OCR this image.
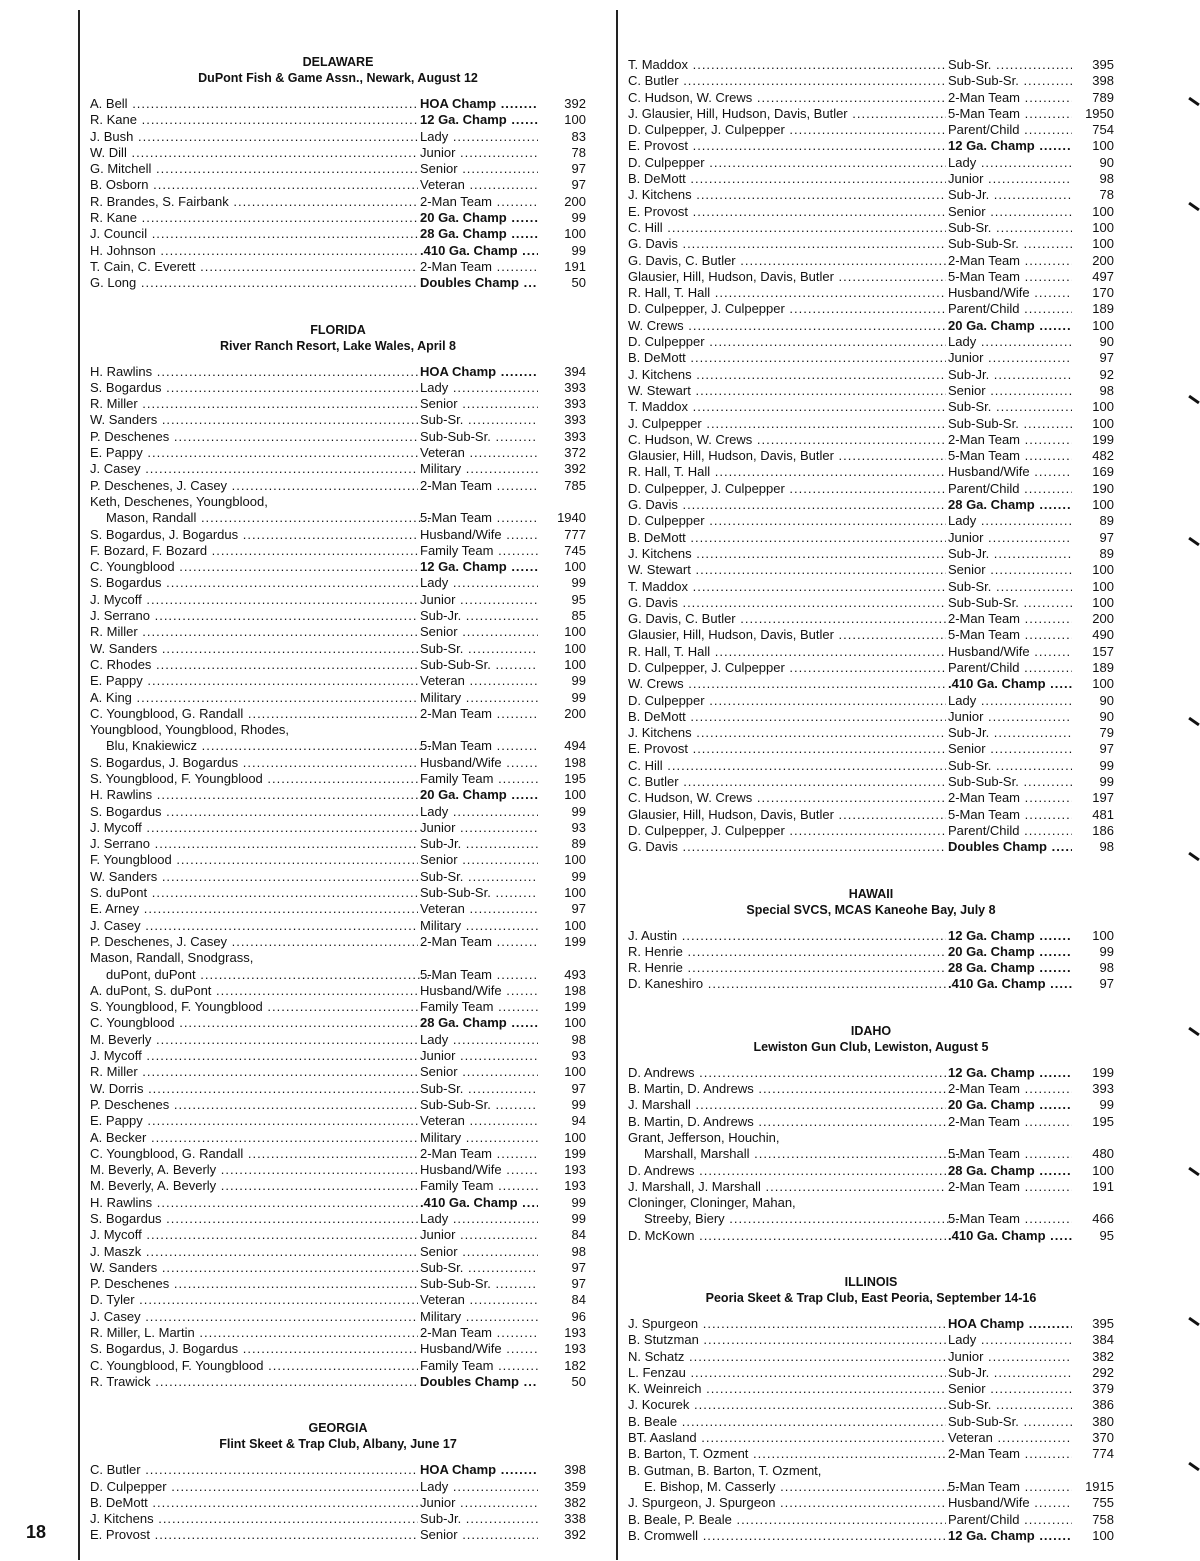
DELAWARE
DuPont Fish & Game Assn., Newark, August 12
A. Bell .....	HOA Champ .....	392
R. Kane .....	12 Ga. Champ .....	100
J. Bush .....	Lady .....	83
W. Dill .....	Junior .....	78
G. Mitchell .....	Senior .....	97
B. Osborn .....	Veteran .....	97
R. Brandes, S. Fairbank .....	2-Man Team .....	200
R. Kane .....	20 Ga. Champ .....	99
J. Council .....	28 Ga. Champ .....	100
H. Johnson .....	.410 Ga. Champ .....	99
T. Cain, C. Everett .....	2-Man Team .....	191
G. Long .....	Doubles Champ .....	50
FLORIDA
River Ranch Resort, Lake Wales, April 8
H. Rawlins .....	HOA Champ .....	394
S. Bogardus .....	Lady .....	393
R. Miller .....	Senior .....	393
W. Sanders .....	Sub-Sr. .....	393
P. Deschenes .....	Sub-Sub-Sr. .....	393
E. Pappy .....	Veteran .....	372
J. Casey .....	Military .....	392
P. Deschenes, J. Casey .....	2-Man Team .....	785
Keth, Deschenes, Youngblood,
Mason, Randall .....	5-Man Team .....	1940
S. Bogardus, J. Bogardus .....	Husband/Wife .....	777
F. Bozard, F. Bozard .....	Family Team .....	745
C. Youngblood .....	12 Ga. Champ .....	100
S. Bogardus .....	Lady .....	99
J. Mycoff .....	Junior .....	95
J. Serrano .....	Sub-Jr. .....	85
R. Miller .....	Senior .....	100
W. Sanders .....	Sub-Sr. .....	100
C. Rhodes .....	Sub-Sub-Sr. .....	100
E. Pappy .....	Veteran .....	99
A. King .....	Military .....	99
C. Youngblood, G. Randall .....	2-Man Team .....	200
Youngblood, Youngblood, Rhodes,
Blu, Knakiewicz .....	5-Man Team .....	494
S. Bogardus, J. Bogardus .....	Husband/Wife .....	198
S. Youngblood, F. Youngblood .....	Family Team .....	195
H. Rawlins .....	20 Ga. Champ .....	100
S. Bogardus .....	Lady .....	99
J. Mycoff .....	Junior .....	93
J. Serrano .....	Sub-Jr. .....	89
F. Youngblood .....	Senior .....	100
W. Sanders .....	Sub-Sr. .....	99
S. duPont .....	Sub-Sub-Sr. .....	100
E. Arney .....	Veteran .....	97
J. Casey .....	Military .....	100
P. Deschenes, J. Casey .....	2-Man Team .....	199
Mason, Randall, Snodgrass,
duPont, duPont .....	5-Man Team .....	493
A. duPont, S. duPont .....	Husband/Wife .....	198
S. Youngblood, F. Youngblood .....	Family Team .....	199
C. Youngblood .....	28 Ga. Champ .....	100
M. Beverly .....	Lady .....	98
J. Mycoff .....	Junior .....	93
R. Miller .....	Senior .....	100
W. Dorris .....	Sub-Sr. .....	97
P. Deschenes .....	Sub-Sub-Sr. .....	99
E. Pappy .....	Veteran .....	94
A. Becker .....	Military .....	100
C. Youngblood, G. Randall .....	2-Man Team .....	199
M. Beverly, A. Beverly .....	Husband/Wife .....	193
M. Beverly, A. Beverly .....	Family Team .....	193
H. Rawlins .....	.410 Ga. Champ .....	99
S. Bogardus .....	Lady .....	99
J. Mycoff .....	Junior .....	84
J. Maszk .....	Senior .....	98
W. Sanders .....	Sub-Sr. .....	97
P. Deschenes .....	Sub-Sub-Sr. .....	97
D. Tyler .....	Veteran .....	84
J. Casey .....	Military .....	96
R. Miller, L. Martin .....	2-Man Team .....	193
S. Bogardus, J. Bogardus .....	Husband/Wife .....	193
C. Youngblood, F. Youngblood .....	Family Team .....	182
R. Trawick .....	Doubles Champ .....	50
GEORGIA
Flint Skeet & Trap Club, Albany, June 17
C. Butler .....	HOA Champ .....	398
D. Culpepper .....	Lady .....	359
B. DeMott .....	Junior .....	382
J. Kitchens .....	Sub-Jr. .....	338
E. Provost .....	Senior .....	392
T. Maddox .....	Sub-Sr. .....	395
C. Butler .....	Sub-Sub-Sr. .....	398
C. Hudson, W. Crews .....	2-Man Team .....	789
J. Glausier, Hill, Hudson, Davis, Butler .....	5-Man Team .....	1950
D. Culpepper, J. Culpepper .....	Parent/Child .....	754
E. Provost .....	12 Ga. Champ .....	100
D. Culpepper .....	Lady .....	90
B. DeMott .....	Junior .....	98
J. Kitchens .....	Sub-Jr. .....	78
E. Provost .....	Senior .....	100
C. Hill .....	Sub-Sr. .....	100
G. Davis .....	Sub-Sub-Sr. .....	100
G. Davis, C. Butler .....	2-Man Team .....	200
Glausier, Hill, Hudson, Davis, Butler .....	5-Man Team .....	497
R. Hall, T. Hall .....	Husband/Wife .....	170
D. Culpepper, J. Culpepper .....	Parent/Child .....	189
W. Crews .....	20 Ga. Champ .....	100
D. Culpepper .....	Lady .....	90
B. DeMott .....	Junior .....	97
J. Kitchens .....	Sub-Jr. .....	92
W. Stewart .....	Senior .....	98
T. Maddox .....	Sub-Sr. .....	100
J. Culpepper .....	Sub-Sub-Sr. .....	100
C. Hudson, W. Crews .....	2-Man Team .....	199
Glausier, Hill, Hudson, Davis, Butler .....	5-Man Team .....	482
R. Hall, T. Hall .....	Husband/Wife .....	169
D. Culpepper, J. Culpepper .....	Parent/Child .....	190
G. Davis .....	28 Ga. Champ .....	100
D. Culpepper .....	Lady .....	89
B. DeMott .....	Junior .....	97
J. Kitchens .....	Sub-Jr. .....	89
W. Stewart .....	Senior .....	100
T. Maddox .....	Sub-Sr. .....	100
G. Davis .....	Sub-Sub-Sr. .....	100
G. Davis, C. Butler .....	2-Man Team .....	200
Glausier, Hill, Hudson, Davis, Butler .....	5-Man Team .....	490
R. Hall, T. Hall .....	Husband/Wife .....	157
D. Culpepper, J. Culpepper .....	Parent/Child .....	189
W. Crews .....	.410 Ga. Champ .....	100
D. Culpepper .....	Lady .....	90
B. DeMott .....	Junior .....	90
J. Kitchens .....	Sub-Jr. .....	79
E. Provost .....	Senior .....	97
C. Hill .....	Sub-Sr. .....	99
C. Butler .....	Sub-Sub-Sr. .....	99
C. Hudson, W. Crews .....	2-Man Team .....	197
Glausier, Hill, Hudson, Davis, Butler .....	5-Man Team .....	481
D. Culpepper, J. Culpepper .....	Parent/Child .....	186
G. Davis .....	Doubles Champ .....	98
HAWAII
Special SVCS, MCAS Kaneohe Bay, July 8
J. Austin .....	12 Ga. Champ .....	100
R. Henrie .....	20 Ga. Champ .....	99
R. Henrie .....	28 Ga. Champ .....	98
D. Kaneshiro .....	.410 Ga. Champ .....	97
IDAHO
Lewiston Gun Club, Lewiston, August 5
D. Andrews .....	12 Ga. Champ .....	199
B. Martin, D. Andrews .....	2-Man Team .....	393
J. Marshall .....	20 Ga. Champ .....	99
B. Martin, D. Andrews .....	2-Man Team .....	195
Grant, Jefferson, Houchin,
Marshall, Marshall .....	5-Man Team .....	480
D. Andrews .....	28 Ga. Champ .....	100
J. Marshall, J. Marshall .....	2-Man Team .....	191
Cloninger, Cloninger, Mahan,
Streeby, Biery .....	5-Man Team .....	466
D. McKown .....	.410 Ga. Champ .....	95
ILLINOIS
Peoria Skeet & Trap Club, East Peoria, September 14-16
J. Spurgeon .....	HOA Champ .....	395
B. Stutzman .....	Lady .....	384
N. Schatz .....	Junior .....	382
L. Fenzau .....	Sub-Jr. .....	292
K. Weinreich .....	Senior .....	379
J. Kocurek .....	Sub-Sr. .....	386
B. Beale .....	Sub-Sub-Sr. .....	380
BT. Aasland .....	Veteran .....	370
B. Barton, T. Ozment .....	2-Man Team .....	774
B. Gutman, B. Barton, T. Ozment,
E. Bishop, M. Casserly .....	5-Man Team .....	1915
J. Spurgeon, J. Spurgeon .....	Husband/Wife .....	755
B. Beale, P. Beale .....	Parent/Child .....	758
B. Cromwell .....	12 Ga. Champ .....	100
18
